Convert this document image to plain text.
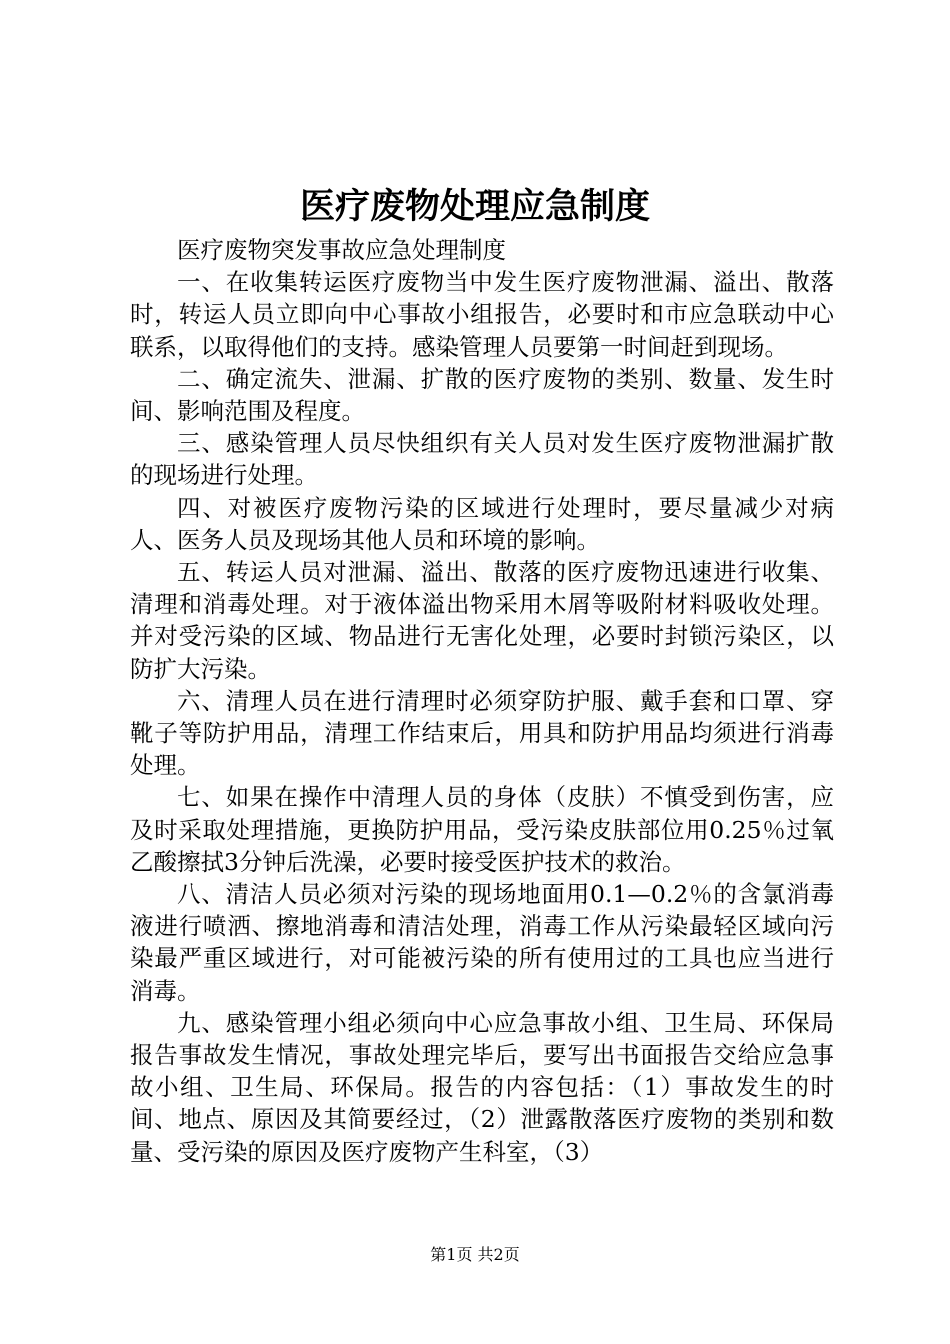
医疗废物处理应急制度

医疗废物突发事故应急处理制度

一、在收集转运医疗废物当中发生医疗废物泄漏、溢出、散落时，转运人员立即向中心事故小组报告，必要时和市应急联动中心联系，以取得他们的支持。感染管理人员要第一时间赶到现场。

二、确定流失、泄漏、扩散的医疗废物的类别、数量、发生时间、影响范围及程度。

三、感染管理人员尽快组织有关人员对发生医疗废物泄漏扩散的现场进行处理。

四、对被医疗废物污染的区域进行处理时，要尽量减少对病人、医务人员及现场其他人员和环境的影响。

五、转运人员对泄漏、溢出、散落的医疗废物迅速进行收集、清理和消毒处理。对于液体溢出物采用木屑等吸附材料吸收处理。并对受污染的区域、物品进行无害化处理，必要时封锁污染区，以防扩大污染。

六、清理人员在进行清理时必须穿防护服、戴手套和口罩、穿靴子等防护用品，清理工作结束后，用具和防护用品均须进行消毒处理。

七、如果在操作中清理人员的身体（皮肤）不慎受到伤害，应及时采取处理措施，更换防护用品，受污染皮肤部位用0.25％过氧乙酸擦拭3分钟后洗澡，必要时接受医护技术的救治。

八、清洁人员必须对污染的现场地面用0.1—0.2％的含氯消毒液进行喷洒、擦地消毒和清洁处理，消毒工作从污染最轻区域向污染最严重区域进行，对可能被污染的所有使用过的工具也应当进行消毒。

九、感染管理小组必须向中心应急事故小组、卫生局、环保局报告事故发生情况，事故处理完毕后，要写出书面报告交给应急事故小组、卫生局、环保局。报告的内容包括：（1）事故发生的时间、地点、原因及其简要经过，（2）泄露散落医疗废物的类别和数量、受污染的原因及医疗废物产生科室，（3）

第1页 共2页
